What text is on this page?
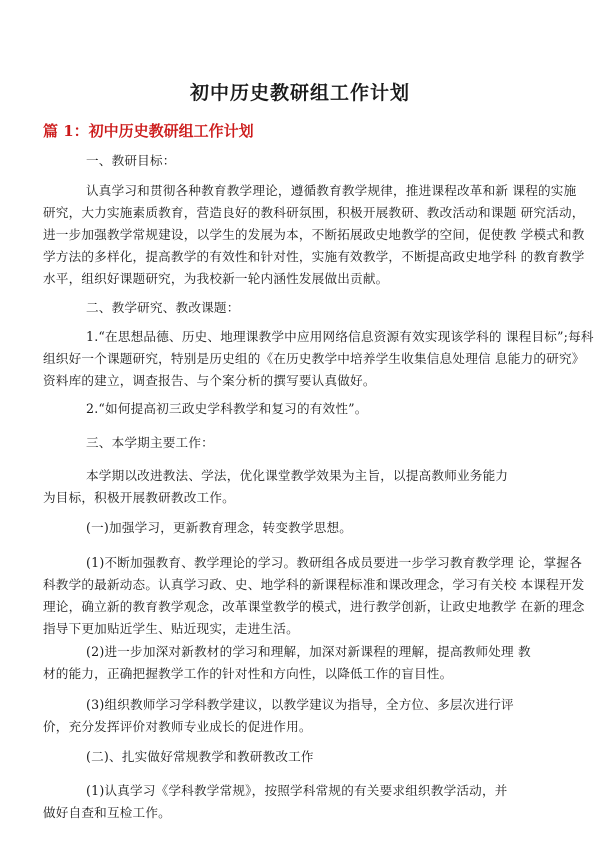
初中历史教研组工作计划
篇 1：初中历史教研组工作计划
一、教研目标：
认真学习和贯彻各种教育教学理论，遵循教育教学规律，推进课程改革和新 课程的实施
研究，大力实施素质教育，营造良好的教科研氛围，积极开展教研、教改活动和课题 研究活动，
进一步加强教学常规建设，以学生的发展为本，不断拓展政史地教学的空间，促使教 学模式和教
学方法的多样化，提高教学的有效性和针对性，实施有效教学，不断提高政史地学科 的教育教学
水平，组织好课题研究，为我校新一轮内涵性发展做出贡献。
二、教学研究、教改课题：
1.“在思想品德、历史、地理课教学中应用网络信息资源有效实现该学科的 课程目标”;每科
组织好一个课题研究，特别是历史组的《在历史教学中培养学生收集信息处理信 息能力的研究》
资料库的建立，调查报告、与个案分析的撰写要认真做好。
2.“如何提高初三政史学科教学和复习的有效性”。
三、本学期主要工作：
本学期以改进教法、学法，优化课堂教学效果为主旨，以提高教师业务能力
为目标，积极开展教研教改工作。
(一)加强学习，更新教育理念，转变教学思想。
(1)不断加强教育、教学理论的学习。教研组各成员要进一步学习教育教学理 论，掌握各
科教学的最新动态。认真学习政、史、地学科的新课程标准和课改理念，学习有关校 本课程开发
理论，确立新的教育教学观念，改革课堂教学的模式，进行教学创新，让政史地教学 在新的理念
指导下更加贴近学生、贴近现实，走进生活。
(2)进一步加深对新教材的学习和理解，加深对新课程的理解，提高教师处理 教
材的能力，正确把握教学工作的针对性和方向性，以降低工作的盲目性。
(3)组织教师学习学科教学建议，以教学建议为指导，全方位、多层次进行评
价，充分发挥评价对教师专业成长的促进作用。
(二)、扎实做好常规教学和教研教改工作
(1)认真学习《学科教学常规》，按照学科常规的有关要求组织教学活动，并
做好自查和互检工作。
